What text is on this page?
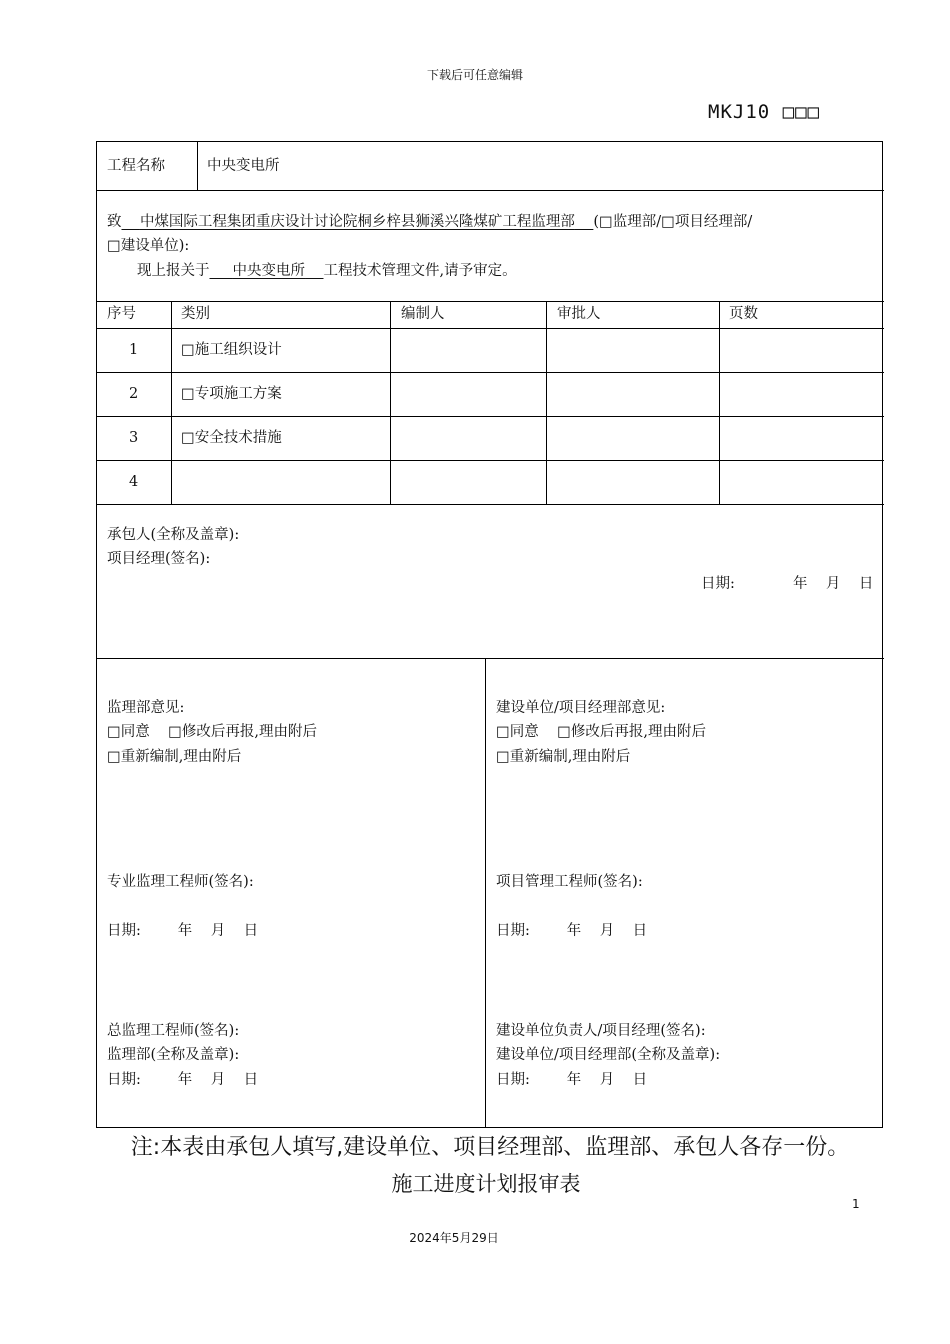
下载后可任意编辑
MKJ10 □□□
工程名称	中央变电所
致 中煤国际工程集团重庆设计讨论院桐乡梓县狮溪兴隆煤矿工程监理部 (□监理部/□项目经理部/
□建设单位):
现上报关于 中央变电所 工程技术管理文件,请予审定。
序号	类别	编制人	审批人	页数
1	□施工组织设计
2	□专项施工方案
3	□安全技术措施
4
承包人(全称及盖章):
项目经理(签名):
日期:	年    月    日
监理部意见:
□同意    □修改后再报,理由附后
□重新编制,理由附后
专业监理工程师(签名):
日期:        年    月    日
总监理工程师(签名):
监理部(全称及盖章):
日期:        年    月    日
建设单位/项目经理部意见:
□同意    □修改后再报,理由附后
□重新编制,理由附后
项目管理工程师(签名):
日期:        年    月    日
建设单位负责人/项目经理(签名):
建设单位/项目经理部(全称及盖章):
日期:        年    月    日
注:本表由承包人填写,建设单位、项目经理部、监理部、承包人各存一份。
施工进度计划报审表
1
2024年5月29日
